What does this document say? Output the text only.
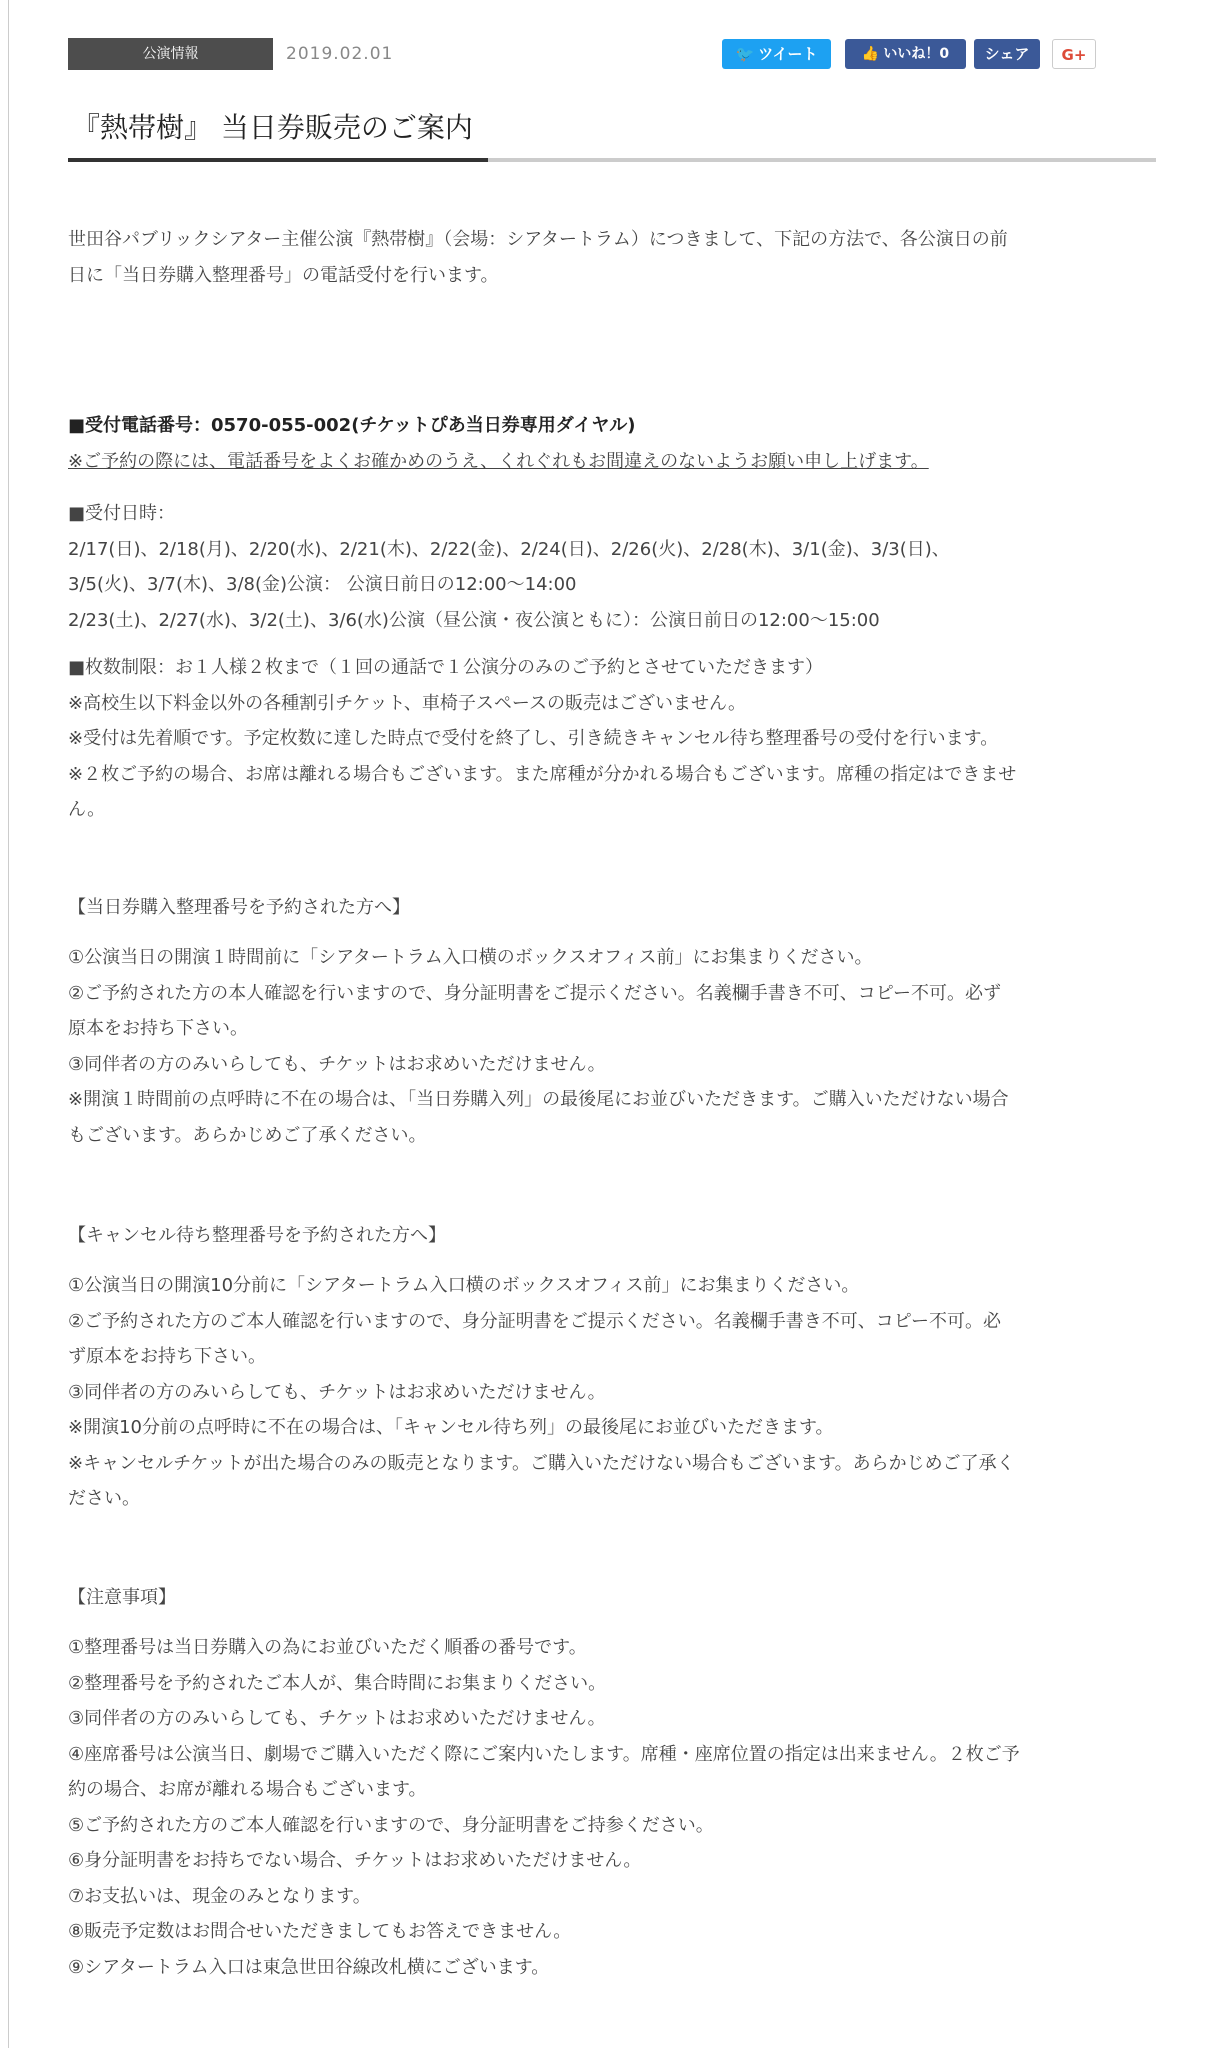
公演情報	2019.02.01	🐦 ツイート	👍 いいね！0	シェア	G+
『熱帯樹』 当日券販売のご案内

世田谷パブリックシアター主催公演『熱帯樹』（会場：シアタートラム）につきまして、下記の方法で、各公演日の前

日に「当日券購入整理番号」の電話受付を行います。

■受付電話番号：0570-055-002(チケットぴあ当日券専用ダイヤル)

※ご予約の際には、電話番号をよくお確かめのうえ、くれぐれもお間違えのないようお願い申し上げます。

■受付日時：

2/17(日)、2/18(月)、2/20(水)、2/21(木)、2/22(金)、2/24(日)、2/26(火)、2/28(木)、3/1(金)、3/3(日)、

3/5(火)、3/7(木)、3/8(金)公演： 公演日前日の12:00〜14:00

2/23(土)、2/27(水)、3/2(土)、3/6(水)公演（昼公演・夜公演ともに）：公演日前日の12:00〜15:00

■枚数制限：お１人様２枚まで（１回の通話で１公演分のみのご予約とさせていただきます）

※高校生以下料金以外の各種割引チケット、車椅子スペースの販売はございません。

※受付は先着順です。予定枚数に達した時点で受付を終了し、引き続きキャンセル待ち整理番号の受付を行います。

※２枚ご予約の場合、お席は離れる場合もございます。また席種が分かれる場合もございます。席種の指定はできませ

ん。

【当日券購入整理番号を予約された方へ】

①公演当日の開演１時間前に「シアタートラム入口横のボックスオフィス前」にお集まりください。

②ご予約された方の本人確認を行いますので、身分証明書をご提示ください。名義欄手書き不可、コピー不可。必ず

原本をお持ち下さい。

③同伴者の方のみいらしても、チケットはお求めいただけません。

※開演１時間前の点呼時に不在の場合は、「当日券購入列」の最後尾にお並びいただきます。ご購入いただけない場合

もございます。あらかじめご了承ください。

【キャンセル待ち整理番号を予約された方へ】

①公演当日の開演10分前に「シアタートラム入口横のボックスオフィス前」にお集まりください。

②ご予約された方のご本人確認を行いますので、身分証明書をご提示ください。名義欄手書き不可、コピー不可。必

ず原本をお持ち下さい。

③同伴者の方のみいらしても、チケットはお求めいただけません。

※開演10分前の点呼時に不在の場合は、「キャンセル待ち列」の最後尾にお並びいただきます。

※キャンセルチケットが出た場合のみの販売となります。ご購入いただけない場合もございます。あらかじめご了承く

ださい。

【注意事項】

①整理番号は当日券購入の為にお並びいただく順番の番号です。

②整理番号を予約されたご本人が、集合時間にお集まりください。

③同伴者の方のみいらしても、チケットはお求めいただけません。

④座席番号は公演当日、劇場でご購入いただく際にご案内いたします。席種・座席位置の指定は出来ません。２枚ご予

約の場合、お席が離れる場合もございます。

⑤ご予約された方のご本人確認を行いますので、身分証明書をご持参ください。

⑥身分証明書をお持ちでない場合、チケットはお求めいただけません。

⑦お支払いは、現金のみとなります。

⑧販売予定数はお問合せいただきましてもお答えできません。

⑨シアタートラム入口は東急世田谷線改札横にございます。
